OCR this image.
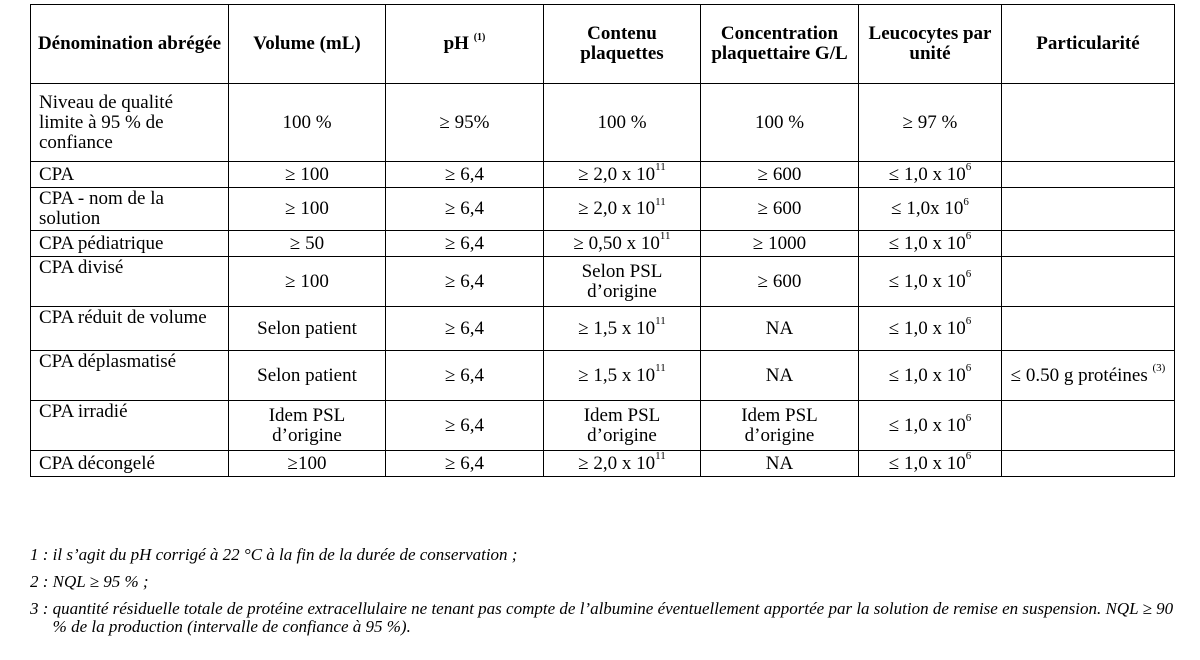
Dénomination abrégée	Volume (mL)	pH $^{(1)}$	Contenu plaquettes	Concentration plaquettaire G/L	Leucocytes par unité	Particularité
Niveau de qualité limite à 95 % de confiance	100 %	≥ 95%	100 %	100 %	≥ 97 %	
CPA	≥ 100	≥ 6,4	≥ 2,0 x $10^{11}$	≥ 600	≤ 1,0 x $10^6$	
CPA - nom de la solution	≥ 100	≥ 6,4	≥ 2,0 x $10^{11}$	≥ 600	≤ 1,0x $10^6$	
CPA pédiatrique	≥ 50	≥ 6,4	≥ 0,50 x $10^{11}$	≥ 1000	≤ 1,0 x $10^6$	
CPA divisé	≥ 100	≥ 6,4	Selon PSL d’origine	≥ 600	≤ 1,0 x $10^6$	
CPA réduit de volume	Selon patient	≥ 6,4	≥ 1,5 x $10^{11}$	NA	≤ 1,0 x $10^6$	
CPA déplasmatisé	Selon patient	≥ 6,4	≥ 1,5 x $10^{11}$	NA	≤ 1,0 x $10^6$	≤ 0.50 g protéines $^{(3)}$
CPA irradié	Idem PSL d’origine	≥ 6,4	Idem PSL d’origine	Idem PSL d’origine	≤ 1,0 x $10^6$	
CPA décongelé	≥100	≥ 6,4	≥ 2,0 x $10^{11}$	NA	≤ 1,0 x $10^6$	
1 : il s’agit du pH corrigé à 22 °C à la fin de la durée de conservation ;
2 : NQL ≥ 95 % ;
3 : quantité résiduelle totale de protéine extracellulaire ne tenant pas compte de l’albumine éventuellement apportée par la solution de remise en suspension. NQL ≥ 90 % de la production (intervalle de confiance à 95 %).
